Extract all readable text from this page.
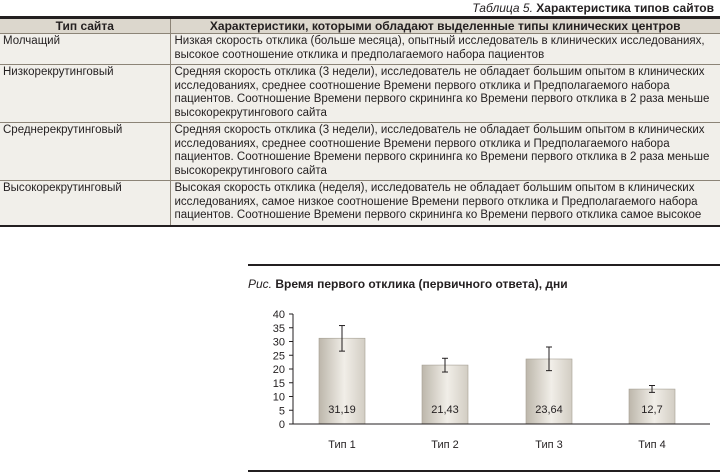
Таблица 5. Характеристика типов сайтов
Тип сайта	Характеристики, которыми обладают выделенные типы клинических центров
Молчащий	Низкая скорость отклика (больше месяца), опытный исследователь в клинических исследованиях,
высокое соотношение отклика и предполагаемого набора пациентов

Низкорекрутинговый	Средняя скорость отклика (3 недели), исследователь не обладает большим опытом в клинических
исследованиях, среднее соотношение Времени первого отклика и Предполагаемого набора
пациентов. Соотношение Времени первого скрининга ко Времени первого отклика в 2 раза меньше
высокорекрутингового сайта

Среднерекрутинговый	Средняя скорость отклика (3 недели), исследователь не обладает большим опытом в клинических
исследованиях, среднее соотношение Времени первого отклика и Предполагаемого набора
пациентов. Соотношение Времени первого скрининга ко Времени первого отклика в 2 раза меньше
высокорекрутингового сайта

Высокорекрутинговый	Высокая скорость отклика (неделя), исследователь не обладает большим опытом в клинических
исследованиях, самое низкое соотношение Времени первого отклика и Предполагаемого набора
пациентов. Соотношение Времени первого скрининга ко Времени первого отклика самое высокое
Рис. Время первого отклика (первичного ответа), дни
0
5
10
15
20
25
30
35
40
31,19	21,43	23,64	12,7
Тип 1	Тип 2	Тип 3	Тип 4
